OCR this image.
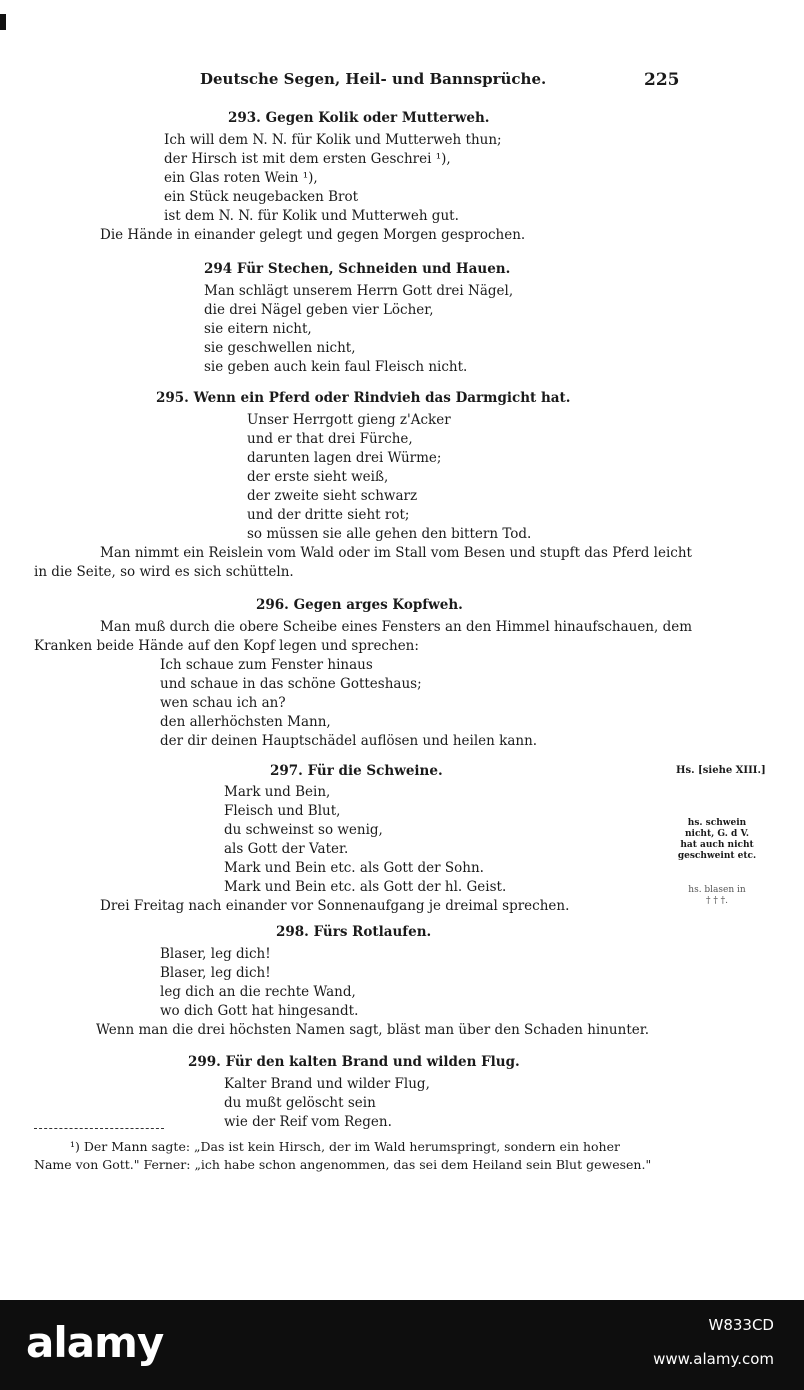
Deutsche Segen, Heil- und Bannsprüche.	225
293. Gegen Kolik oder Mutterweh.
Ich will dem N. N. für Kolik und Mutterweh thun;
der Hirsch ist mit dem ersten Geschrei ¹),
ein Glas roten Wein ¹),
ein Stück neugebacken Brot
ist dem N. N. für Kolik und Mutterweh gut.
Die Hände in einander gelegt und gegen Morgen gesprochen.
294 Für Stechen, Schneiden und Hauen.
Man schlägt unserem Herrn Gott drei Nägel,
die drei Nägel geben vier Löcher,
sie eitern nicht,
sie geschwellen nicht,
sie geben auch kein faul Fleisch nicht.
295. Wenn ein Pferd oder Rindvieh das Darmgicht hat.
Unser Herrgott gieng z'Acker
und er that drei Fürche,
darunten lagen drei Würme;
der erste sieht weiß,
der zweite sieht schwarz
und der dritte sieht rot;
so müssen sie alle gehen den bittern Tod.
Man nimmt ein Reislein vom Wald oder im Stall vom Besen und stupft das Pferd leicht
in die Seite, so wird es sich schütteln.
296. Gegen arges Kopfweh.
Man muß durch die obere Scheibe eines Fensters an den Himmel hinaufschauen, dem
Kranken beide Hände auf den Kopf legen und sprechen:
Ich schaue zum Fenster hinaus
und schaue in das schöne Gotteshaus;
wen schau ich an?
den allerhöchsten Mann,
der dir deinen Hauptschädel auflösen und heilen kann.
297. Für die Schweine.
Mark und Bein,
Fleisch und Blut,
du schweinst so wenig,
als Gott der Vater.
Mark und Bein etc. als Gott der Sohn.
Mark und Bein etc. als Gott der hl. Geist.
Drei Freitag nach einander vor Sonnenaufgang je dreimal sprechen.
Hs. [siehe XIII.]
hs. schwein
nicht, G. d V.
hat auch nicht
geschweint etc.
hs. blasen in
† † †.
298. Fürs Rotlaufen.
Blaser, leg dich!
Blaser, leg dich!
leg dich an die rechte Wand,
wo dich Gott hat hingesandt.
Wenn man die drei höchsten Namen sagt, bläst man über den Schaden hinunter.
299. Für den kalten Brand und wilden Flug.
Kalter Brand und wilder Flug,
du mußt gelöscht sein
wie der Reif vom Regen.
¹) Der Mann sagte: „Das ist kein Hirsch, der im Wald herumspringt, sondern ein hoher
Name von Gott." Ferner: „ich habe schon angenommen, das sei dem Heiland sein Blut gewesen."
alamy	W833CD
www.alamy.com
